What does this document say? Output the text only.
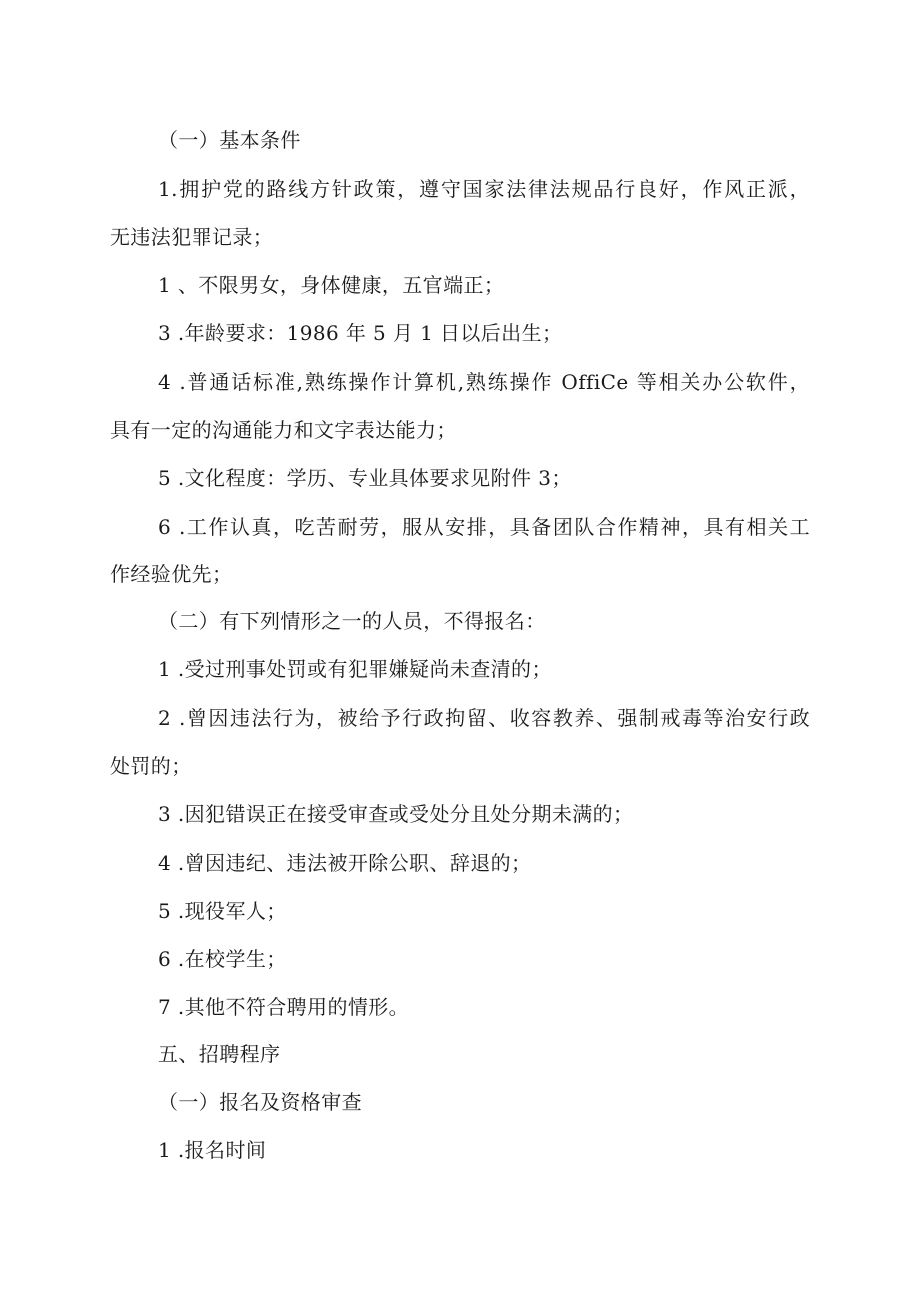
（一）基本条件
1.拥护党的路线方针政策，遵守国家法律法规品行良好，作风正派，
无违法犯罪记录；
1 、不限男女，身体健康，五官端正；
3 .年龄要求：1986 年 5 月 1 日以后出生；
4 .普通话标准,熟练操作计算机,熟练操作 OffiCe 等相关办公软件，
具有一定的沟通能力和文字表达能力；
5 .文化程度：学历、专业具体要求见附件 3；
6 .工作认真，吃苦耐劳，服从安排，具备团队合作精神，具有相关工
作经验优先；
（二）有下列情形之一的人员，不得报名：
1 .受过刑事处罚或有犯罪嫌疑尚未查清的；
2 .曾因违法行为，被给予行政拘留、收容教养、强制戒毒等治安行政
处罚的；
3 .因犯错误正在接受审查或受处分且处分期未满的；
4 .曾因违纪、违法被开除公职、辞退的；
5 .现役军人；
6 .在校学生；
7 .其他不符合聘用的情形。
五、招聘程序
（一）报名及资格审查
1 .报名时间
